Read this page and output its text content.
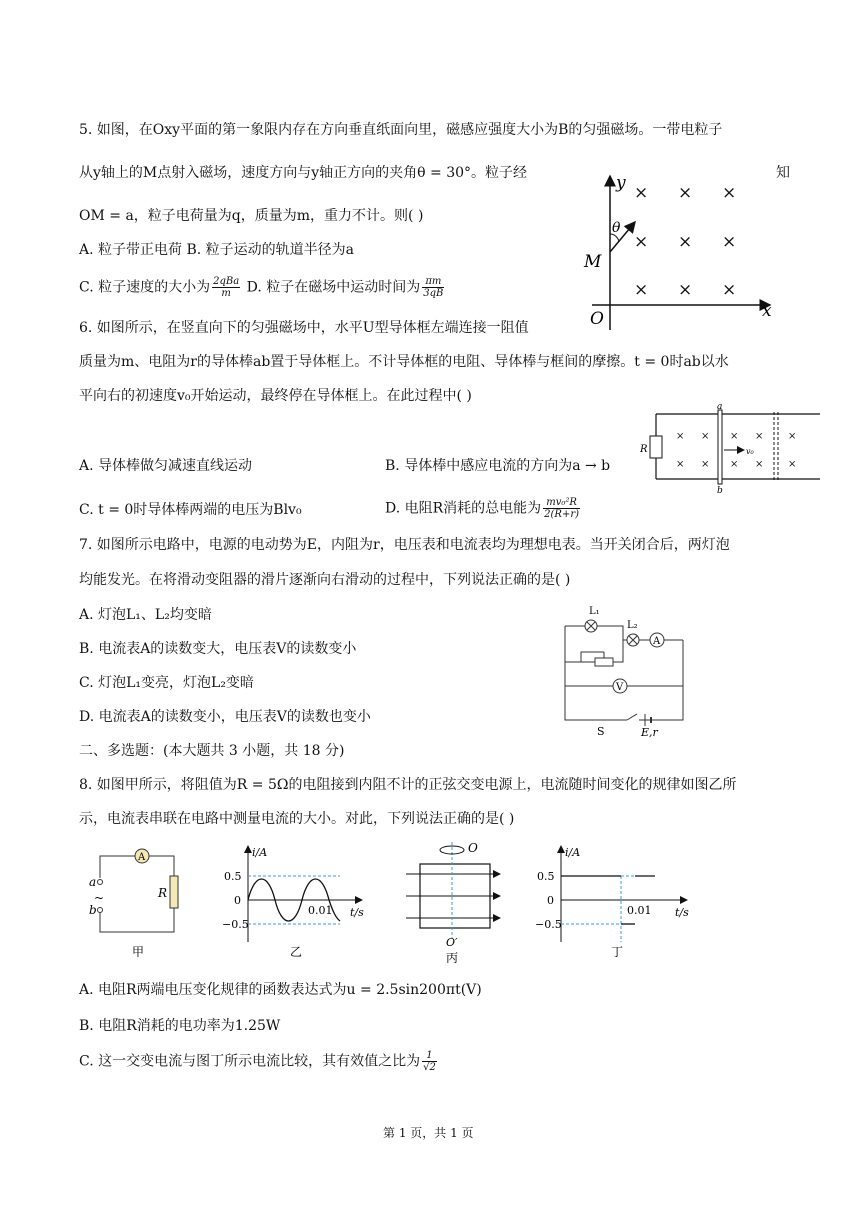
5. 如图，在Oxy平面的第一象限内存在方向垂直纸面向里，磁感应强度大小为B的匀强磁场。一带电粒子
从y轴上的M点射入磁场，速度方向与y轴正方向的夹角θ = 30°。粒子经	知
OM = a，粒子电荷量为q，质量为m，重力不计。则( )
A. 粒子带正电荷 B. 粒子运动的轨道半径为a
C. 粒子速度的大小为 $\frac{\text{2qBa}}{m} D$. 粒子在磁场中运动时间为 $\frac{\pi m}{3qB}$
y
x
O
M
θ
× × ×
× × ×
× × ×
6. 如图所示，在竖直向下的匀强磁场中，水平U型导体框左端连接一阻值
质量为m、电阻为r的导体棒ab置于导体框上。不计导体框的电阻、导体棒与框间的摩擦。t = 0时ab以水
平向右的初速度v₀开始运动，最终停在导体框上。在此过程中( )
A. 导体棒做匀减速直线运动	B. 导体棒中感应电流的方向为a → b
C. t = 0时导体棒两端的电压为Blv₀	D. 电阻R消耗的总电能为 $\frac{\text{mv₀²R}}{2(R+r)}$
R
a
b
v₀
× × × × ×
× × × × ×
7. 如图所示电路中，电源的电动势为E，内阻为r，电压表和电流表均为理想电表。当开关闭合后，两灯泡
均能发光。在将滑动变阻器的滑片逐渐向右滑动的过程中，下列说法正确的是( )
A. 灯泡L₁、L₂均变暗
B. 电流表A的读数变大，电压表V的读数变小
C. 灯泡L₁变亮，灯泡L₂变暗
D. 电流表A的读数变小，电压表V的读数也变小
A
V
L₁
L₂
S	E,r
二、多选题：(本大题共 3 小题，共 18 分)
8. 如图甲所示，将阻值为R = 5Ω的电阻接到内阻不计的正弦交变电源上，电流随时间变化的规律如图乙所
示，电流表串联在电路中测量电流的大小。对此，下列说法正确的是( )
A
R
a
b
~
甲
i/A
t/s
0.5
0
−0.5
0.01
乙
O
O′
丙
i/A
t/s
0.5
0
−0.5
0.01
丁
A. 电阻R两端电压变化规律的函数表达式为u = 2.5sin200πt(V)
B. 电阻R消耗的电功率为1.25W
C. 这一交变电流与图丁所示电流比较，其有效值之比为 $\frac{1}{√2}$
第 1 页，共 1 页
